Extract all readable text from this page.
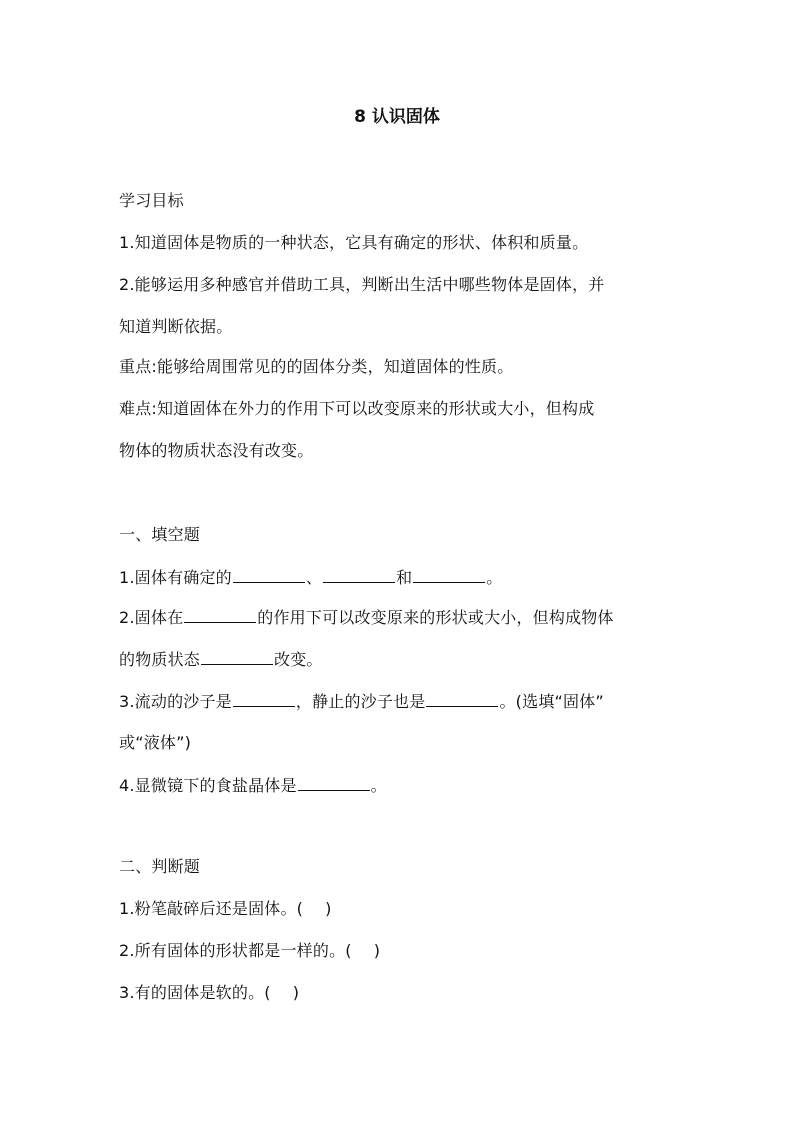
8 认识固体
学习目标
1.知道固体是物质的一种状态，它具有确定的形状、体积和质量。
2.能够运用多种感官并借助工具，判断出生活中哪些物体是固体，并
知道判断依据。
重点:能够给周围常见的的固体分类，知道固体的性质。
难点:知道固体在外力的作用下可以改变原来的形状或大小，但构成
物体的物质状态没有改变。
一、填空题
1.固体有确定的	、	和	。
2.固体在	的作用下可以改变原来的形状或大小，但构成物体
的物质状态	改变。
3.流动的沙子是	，静止的沙子也是	。(选填“固体”
或“液体”)
4.显微镜下的食盐晶体是	。
二、判断题
1.粉笔敲碎后还是固体。( )
2.所有固体的形状都是一样的。( )
3.有的固体是软的。( )
